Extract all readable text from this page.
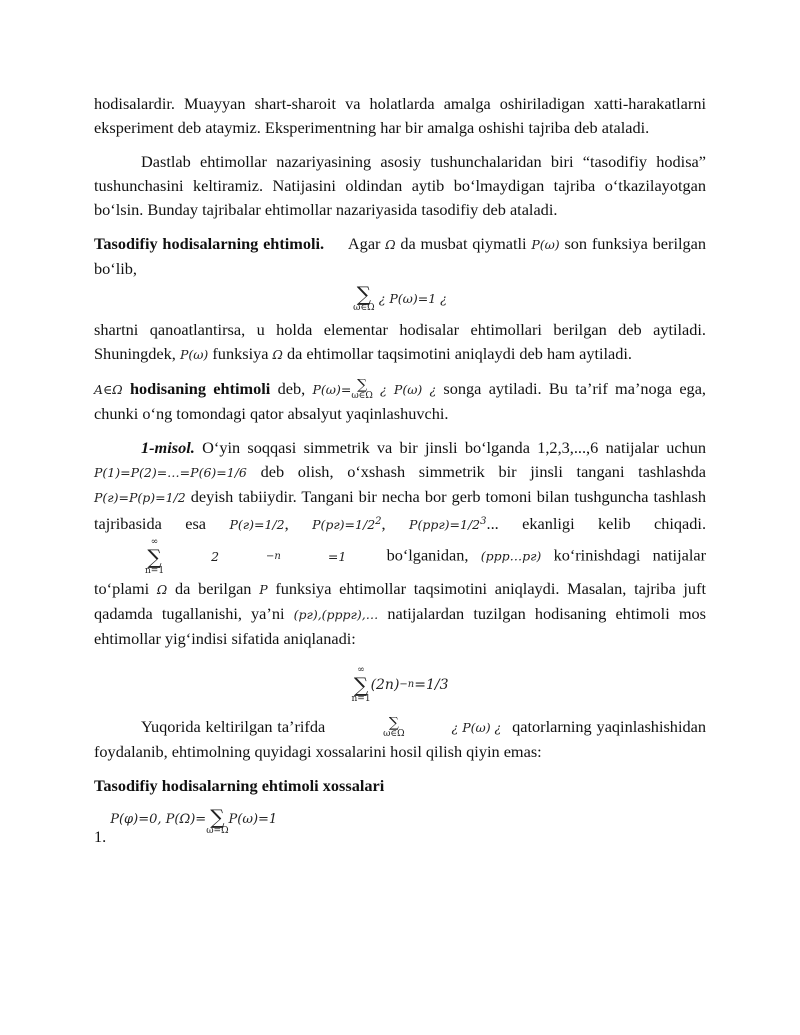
hodisalardir. Muayyan shart-sharoit va holatlarda amalga oshiriladigan xatti-harakatlarni eksperiment deb ataymiz. Eksperimentning har bir amalga oshishi tajriba deb ataladi.

Dastlab ehtimollar nazariyasining asosiy tushunchalaridan biri “tasodifiy hodisa” tushunchasini keltiramiz. Natijasini oldindan aytib bo‘lmaydigan tajriba o‘tkazilayotgan bo‘lsin. Bunday tajribalar ehtimollar nazariyasida tasodifiy deb ataladi.

Tasodifiy hodisalarning ehtimoli. Agar Ω da musbat qiymatli P(ω) son funksiya berilgan bo‘lib,

∑
ω∈Ω
¿ P(ω)=1 ¿

shartni qanoatlantirsa, u holda elementar hodisalar ehtimollari berilgan deb aytiladi. Shuningdek, P(ω) funksiya Ω da ehtimollar taqsimotini aniqlaydi deb ham aytiladi.

A∈Ω hodisaning ehtimoli deb, P(ω)= ∑
ω∈Ω ¿ P(ω) ¿ songa aytiladi. Bu ta’rif ma’noga ega, chunki o‘ng tomondagi qator absalyut yaqinlashuvchi.

1-misol. O‘yin soqqasi simmetrik va bir jinsli bo‘lganda 1,2,3,...,6 natijalar uchun P(1)=P(2)=…=P(6)=1/6 deb olish, o‘xshash simmetrik bir jinsli tangani tashlashda P(г)=P(p)=1/2 deyish tabiiydir. Tangani bir necha bor gerb tomoni bilan tushguncha tashlash tajribasida esa P(г)=1/2, $P(pг)=1/2^2$, $P(ppг)=1/2^3$... ekanligi kelib chiqadi.
∞
∑
n=1
2	−n	=1 bo‘lganidan, (ppp…pг) ko‘rinishdagi natijalar to‘plami Ω da berilgan P funksiya ehtimollar taqsimotini aniqlaydi. Masalan, tajriba juft qadamda tugallanishi, ya’ni (pг),(pppг),… natijalardan tuzilgan hodisaning ehtimoli mos ehtimollar yig‘indisi sifatida aniqlanadi:

∞
∑
n=1
(2n) −n =1/3

Yuqorida keltirilgan ta’rifda	∑
ω∈Ω	¿ P(ω) ¿ qatorlarning yaqinlashishidan foydalanib, ehtimolning quyidagi xossalarini hosil qilish qiyin emas:

Tasodifiy hodisalarning ehtimoli xossalari

1.
P(φ)=0, P(Ω)= ∑
ω=Ω
P(ω)=1
